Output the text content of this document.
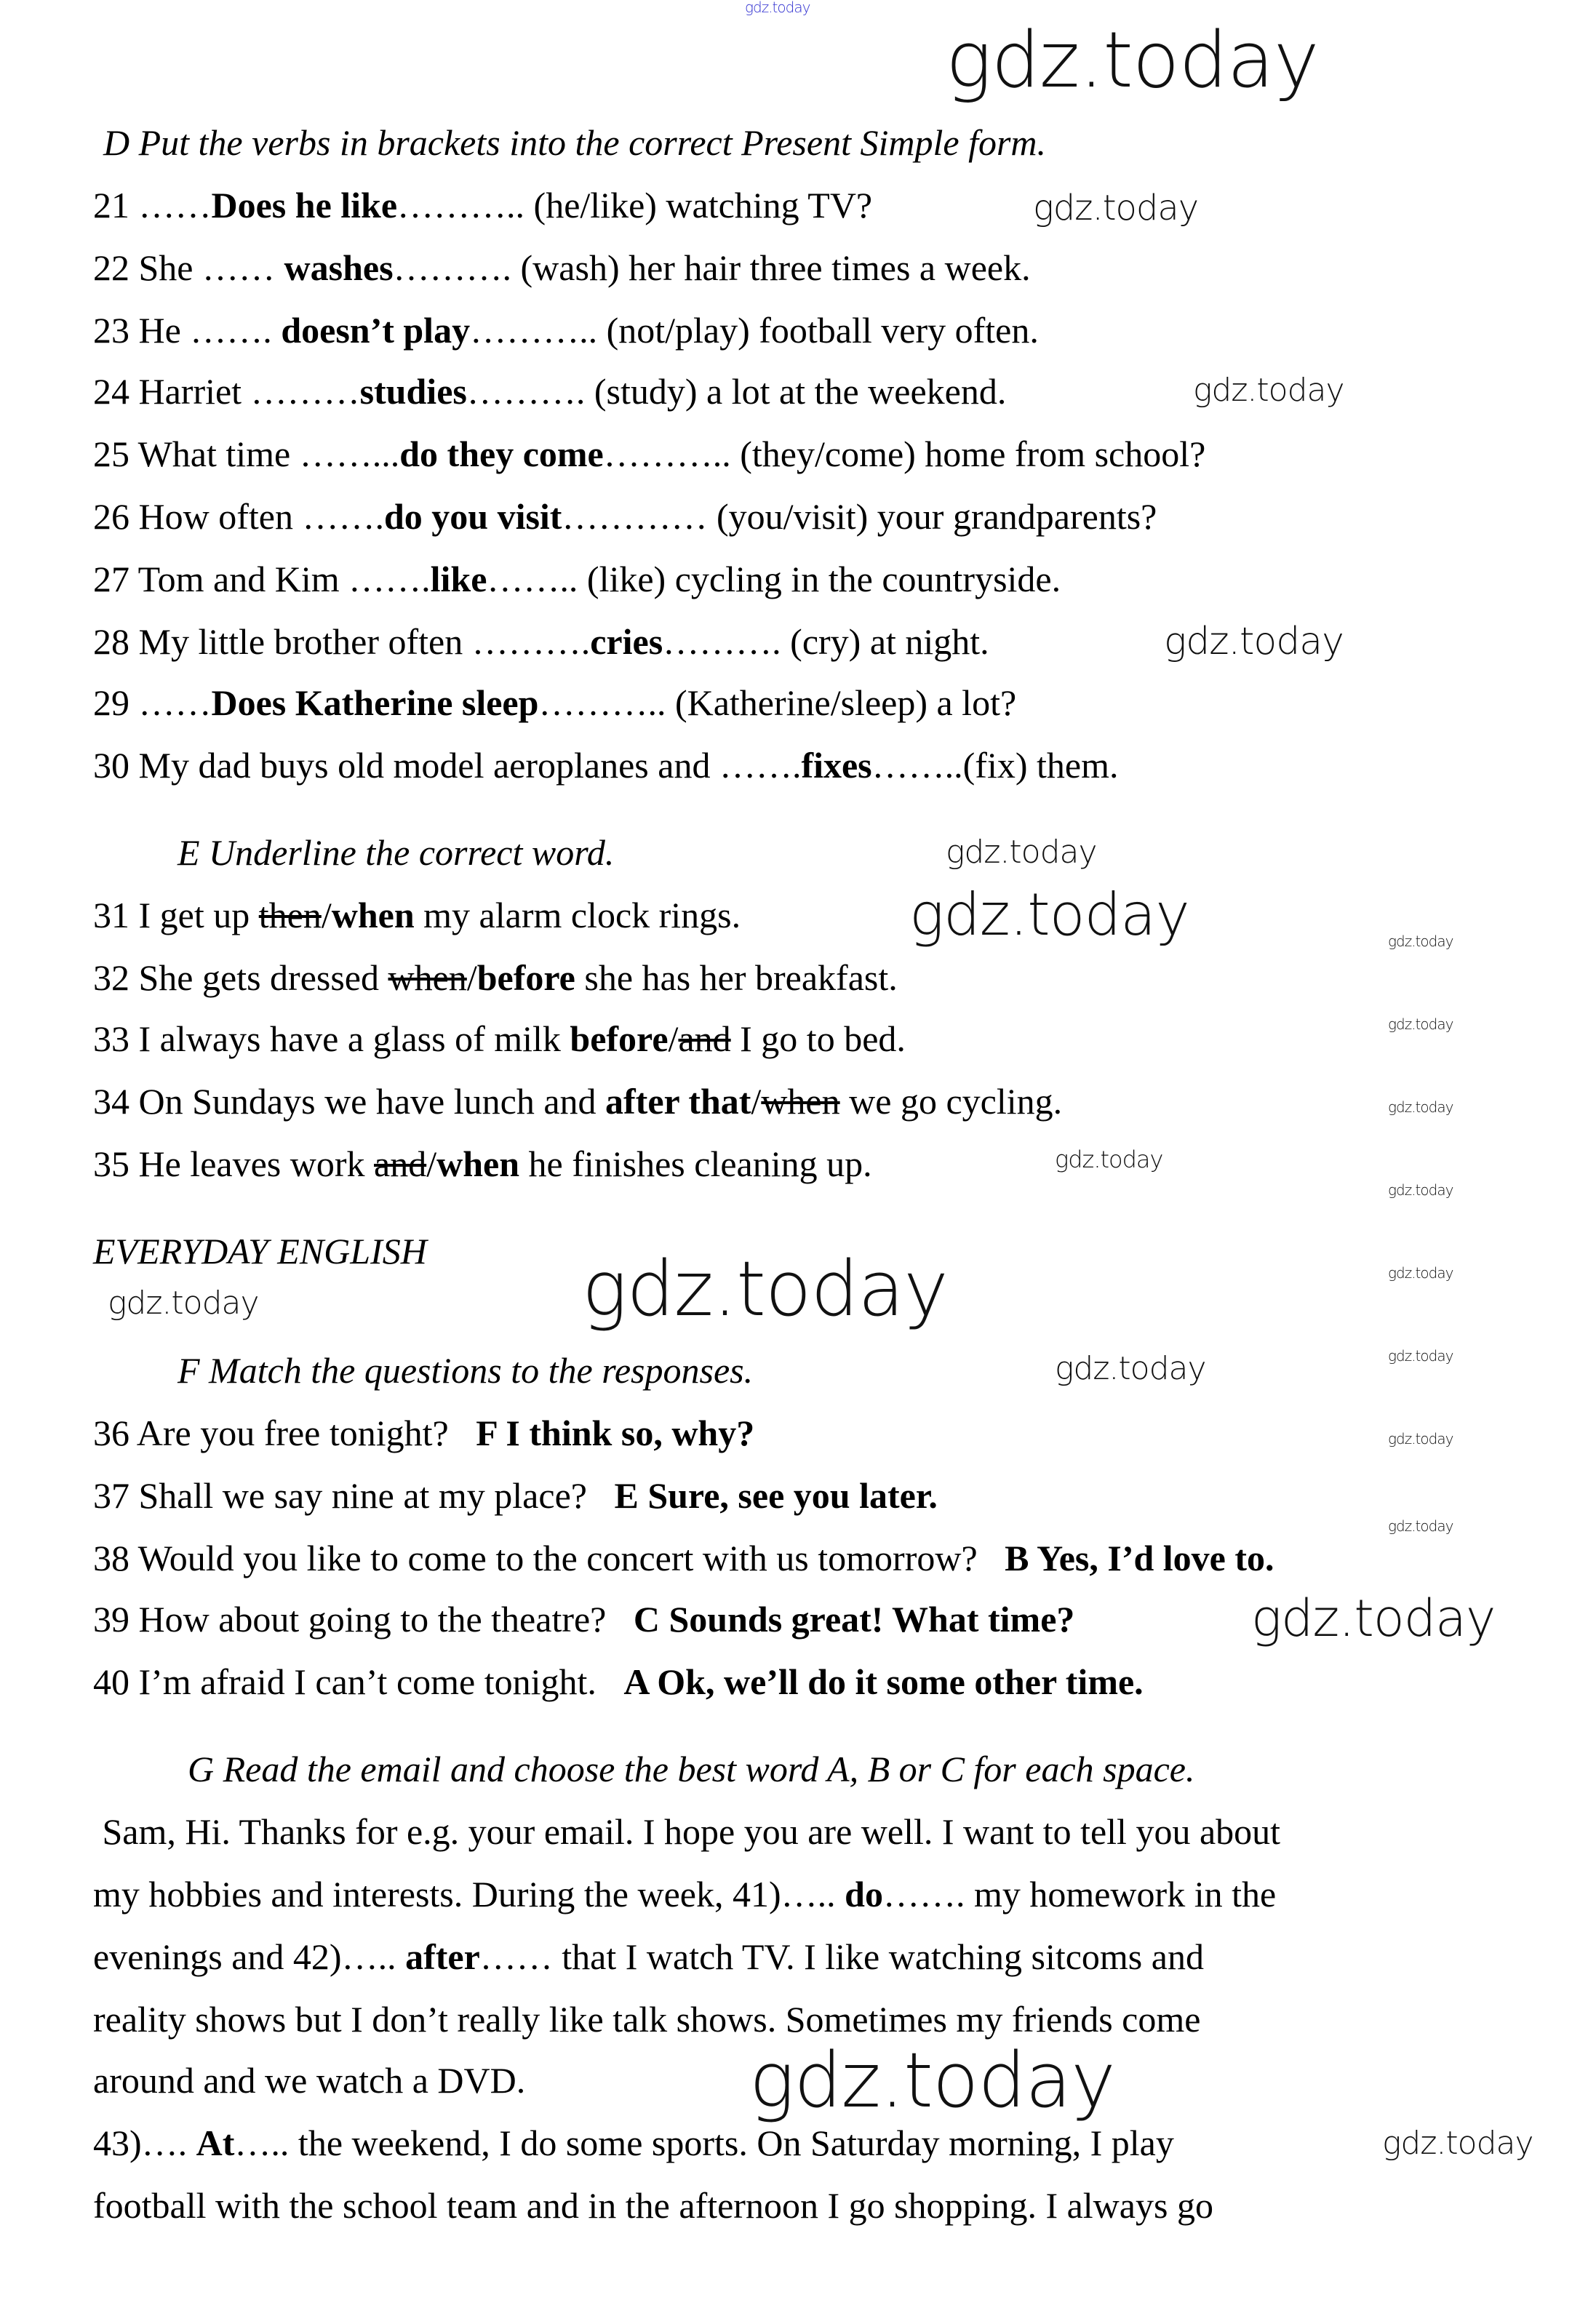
D Put the verbs in brackets into the correct Present Simple form.
21 ……Does he like……….. (he/like) watching TV?
22 She …… washes………. (wash) her hair three times a week.
23 He ……. doesn’t play……….. (not/play) football very often.
24 Harriet ………studies………. (study) a lot at the weekend.
25 What time ……...do they come……….. (they/come) home from school?
26 How often …….do you visit………… (you/visit) your grandparents?
27 Tom and Kim …….like…….. (like) cycling in the countryside.
28 My little brother often ……….cries………. (cry) at night.
29 ……Does Katherine sleep……….. (Katherine/sleep) a lot?
30 My dad buys old model aeroplanes and …….fixes……..(fix) them.
E Underline the correct word.
31 I get up then/when my alarm clock rings.
32 She gets dressed when/before she has her breakfast.
33 I always have a glass of milk before/and I go to bed.
34 On Sundays we have lunch and after that/when we go cycling.
35 He leaves work and/when he finishes cleaning up.
EVERYDAY ENGLISH
F Match the questions to the responses.
36 Are you free tonight?   F I think so, why?
37 Shall we say nine at my place?   E Sure, see you later.
38 Would you like to come to the concert with us tomorrow?   B Yes, I’d love to.
39 How about going to the theatre?   C Sounds great! What time?
40 I’m afraid I can’t come tonight.   A Ok, we’ll do it some other time.
G Read the email and choose the best word A, B or C for each space.
Sam, Hi. Thanks for e.g. your email. I hope you are well. I want to tell you about
my hobbies and interests. During the week, 41)….. do……. my homework in the
evenings and 42)….. after…… that I watch TV. I like watching sitcoms and
reality shows but I don’t really like talk shows. Sometimes my friends come
around and we watch a DVD.
43)…. At….. the weekend, I do some sports. On Saturday morning, I play
football with the school team and in the afternoon I go shopping. I always go
gdz.today
gdz.today
gdz.today
gdz.today
gdz.today
gdz.today
gdz.today
gdz.today
gdz.today
gdz.today
gdz.today
gdz.today
gdz.today
gdz.today
gdz.today
gdz.today
gdz.today	gdz.today
gdz.today
gdz.today
gdz.today
gdz.today
